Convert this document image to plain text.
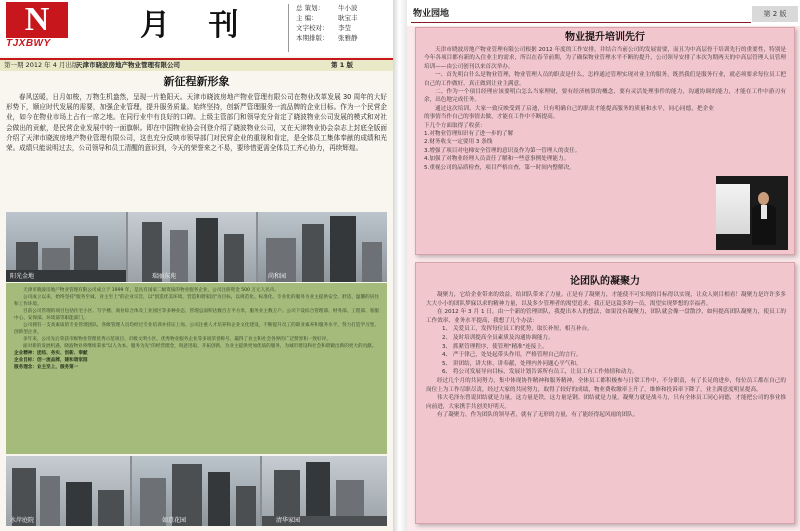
N
TJXBWY
月 刊	总 策划：	牛小波
主 编：	耿宝丰
文字校对：	李莹
本期排版：	张雅静
第一期 2012 年 4 月出版
天津市晓波房地产物业管理有限公司	第 1 版
新征程新形象
春风送暖，日月如梭，万物生机盎然，呈现一片艳阳天。天津市晓波房地产物业管理有限公司在物业改革发展 30 周年的大好形势下，顺应时代发展的需要，加强企业管理，提升服务质量。始终坚持，创新严管理服务一流品牌的企业目标。作为一个民营企业，如今在物业市场上占有一席之地。在同行业中有良好的口碑。上级主管部门和领导充分肯定了晓波物业公司发展的模式和对社会做出的贡献，是民营企业发展中的一面旗帜。即在中国物业协会刊登介绍了晓波物业公司，又在天津物业协会杂志上封底全版面介绍了天津市晓波房地产物业管理有限公司，这也充分反映市领导部门对民营企业的重视和肯定，是全体员工集体奉献的成绩和光荣。成绩只能说明过去，公司领导和员工清醒的意识到，今天的荣誉来之不易，要珍惜更需全体员工齐心协力，再续辉煌。
阳光金地	瑞丽东苑	尚和园
天津市晓波房地产物业管理有限公司成立于 1999 年，是具有国家二级资质的物业服务企业，公司注册资金 500 万元人民币。
公司成立以来，始终坚持"服务至诚、业主至上"的企业宗旨，以"创造优美环境、营造和谐家园"为目标，以规范化、标准化、专业化的服务为业主提供安全、舒适、温馨的居住和工作环境。
目前公司管理的项目包括住宅小区、写字楼、商业综合体及工业园区等多种业态，管理总面积达数百万平方米，服务业主数万户。公司下设综合管理部、财务部、工程部、客服中心、安保部、环境部等职能部门。
公司拥有一支高素质的专业管理团队，各级管理人员均经过专业培训并持证上岗。公司注重人才培养和企业文化建设，不断提升员工的职业素养和服务水平，努力打造学习型、创新型企业。
多年来，公司先后荣获市级物业管理优秀示范项目、市级文明小区、优秀物业服务企业等多项荣誉称号，赢得了业主和社会各界的广泛赞誉和一致好评。
面对新的发展机遇，晓波物业将继续秉承"以人为本、服务为先"的经营理念，锐意进取，开拓创新，为业主提供更加优质的服务，为城市建设和社会和谐做出新的更大的贡献。
企业精神：团结、务实、创新、奉献
企业目标：创一流品牌，建和谐家园
服务理念：业主至上，服务第一
水岸庭院	如意花园	清华家园
物业园地	第 2 版
物业提升培训先行
天津市晓波房地产物业管理有限公司根据 2012 年度的工作安排，并结合当前公司的发展需要，而且为中高层骨干培训先行的重要性，特别是今年各项目都有新的入住业主的需求，所以在春节前期，为了确保物业管理水平不断的提升，公司领导安排了本次为期两天的中高层管理人员管理培训——由公司创刊以来首次举办。
一、首先明白什么是物业管理，物业管理人员的职责是什么，怎样通过管理实现对业主的服务，既然我们是服务行业，就必须要求每位员工把自己的工作做好，真正做到让业主满意。
二、作为一个项目经理应该要明白怎么当家理财，要有经济核算的概念，要有灵活处理事件的能力，沟通协调的能力，才能在工作中游刃有余，出色地完成任务。
通过这次培训，大家一致反映受到了启迪，只有明确自己的职责才能提高服务的质量和水平，同心同德，把企业的事情当作自己的事情去做，才能在工作中不断提高。
下几个方面取得了收获：
1.对物业管理知识有了进一步的了解
2.财务收支一定要用 3 条线
3.增强了项目对电梯安全管理的意识及作为第一管理人的责任。
4.加强了对物业经理人员责任了解和一些意事例处理能力。
5.重视公司的品质检查，项目严格自查，第一时间内整解决。
论团队的凝聚力
凝聚力，它给企业带来的效益，给团队带来了力量。正是有了凝聚力，才能使不可实现的目标得以实现，让众人则目相看！凝聚力是许许多多大大小小的团队梦寐以求的精神力量，以及多少管理者的渴望追求，我正是这篇多的一员，渴望实现梦想的幸福者。
在 2012 年 3 月 1 日，由一个新的管理团队，我提出本人的想法，如果没有凝聚力，团队就会像一盘散沙，如何提高团队凝聚力，使员工的工作效率、业务水平提高，我想了几个办法：
1、 关爱员工，发挥每位员工的优势，取长补短，相互补台。
2、 及时培训提高全员素质及沟通协调能力。
3、 抓紧管理程序，使管理"精准"连接上。
4、 严于律己，处处起带头作用，严格管理自己的言行。
5、 讲团结，讲大体，讲奉献，处理内外问题心平气和。
6、 将公司发展导向目标，发展计划告诉所有员工，让员工有工作热情和动力。
经过几个月的共同努力，集中体现协作精神和服务精神，全体员工都积极参与日常工作中，不分职责，有了长足的进步，每位员工都在自己的岗位上为工作尽职尽责，经过大家的共同努力，取得了较好的成绩，物业费收缴率上升了，维修和投诉率下降了，业主满意度明显提高。
伟大毛泽东曾说团结就是力量，这力量是铁，这力量是钢。团结就是力量，凝聚力就是战斗力，只有全体员工同心同德，才能把公司的事业推向前进，大家携手共创美好明天。
有了凝聚力，作为团队的领导者，就有了无形的力量，有了能经得起风雨的团队。
